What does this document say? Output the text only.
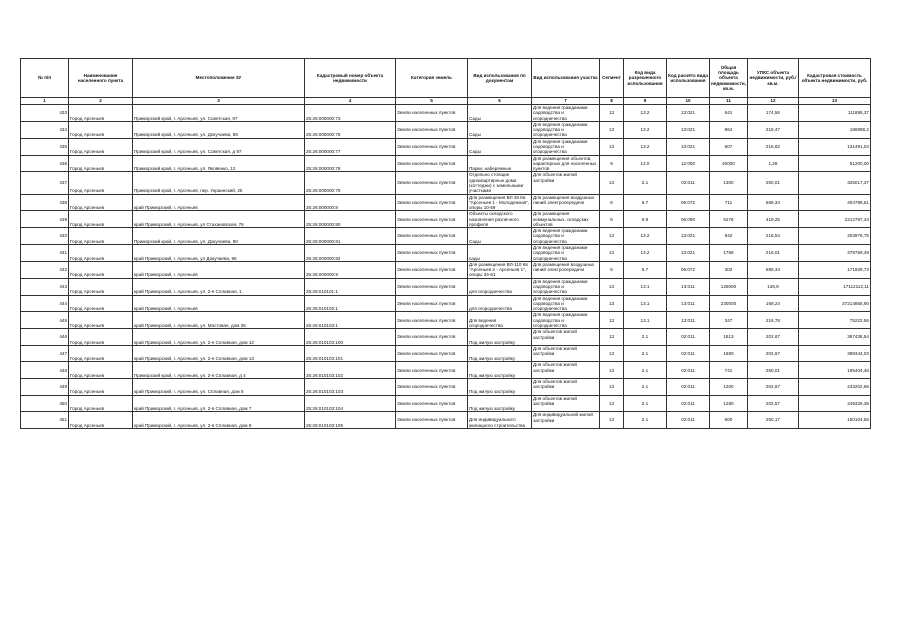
№ п/п	Наименование населенного пункта	Местоположение ЗУ	Кадастровый номер объекта недвижимости	Категория земель	Вид использования по документам	Вид использования участка	Сегмент	Код вида разрешенного использования	Код расчёта вида использования	Общая площадь объекта недвижимости, кв.м.	УПКС объекта недвижимости, руб./кв.м.	Кадастровая стоимость объекта недвижимости, руб.
1	2	3	4	5	6	7	8	9	10	11	12	13
433	Город Арсеньев	Приморский край, г. Арсеньев, ул. Советская, 97	25:26:000000:73	Земли населенных пунктов	Сады	Для ведения гражданами садоводства и огородничества	13	13.2	13:021	641	174,56	111895,37
434	Город Арсеньев	Приморский край, г. Арсеньев, ул. Докучаева, 86	25:26:000000:76	Земли населенных пунктов	Сады	Для ведения гражданами садоводства и огородничества	13	13.2	13:021	864	216,47	186988,2
435	Город Арсеньев	Приморский край, г. Арсеньев, ул. Советская, д 97	25:26:000000:77	Земли населенных пунктов	Сады	Для ведения гражданами садоводства и огородничества	13	13.2	13:021	607	216,62	131491,04
436	Город Арсеньев	Приморский край, г. Арсеньев, ул. Яковенко, 12	25:26:000000:78	Земли населенных пунктов	Парки, набережные	Для размещения объектов, характерных для населенных пунктов	9	12.0	12:000	40000	1,28	51200,00
437	Город Арсеньев	Приморский край, г. Арсеньев, пер. Украинский, 25	25:26:000000:79	Земли населенных пунктов	Отдельно стоящие одноквартирные дома (коттеджи) с земельными участками	Для объектов жилой застройки	13	2.1	02:011	1300	250,01	325017,37
438	Город Арсеньев	край Приморский, г. Арсеньев	25:26:000000:8	Земли населенных пунктов	Для размещения ВЛ 35 Кв "Арсеньев 1 - Молодежная", опоры 10-59	Для размещения воздушных линий электропередачи	6	6.7	06:072	711	569,34	404798,51
439	Город Арсеньев	край Приморский, г. Арсеньев, ул Стахановская, 76	25:26:000000:80	Земли населенных пунктов	Объекты складского назначения различного профиля	Для размещения коммунальных, складских объектов	6	6.9	06:090	5276	419,25	2212797,43
440	Город Арсеньев	Приморский край, г. Арсеньев, ул. Докучаева, 90	25:26:000000:81	Земли населенных пунктов	Сады	Для ведения гражданами садоводства и огородничества	13	13.2	13:021	942	216,54	203976,75
441	Город Арсеньев	край Приморский, г. Арсеньев, ул Докучаева, 96	25:26:000000:82	Земли населенных пунктов	сады	Для ведения гражданами садоводства и огородничества	13	13.2	13:021	1758	216,01	379759,49
442	Город Арсеньев	край Приморский, г. Арсеньев	25:26:000000:9	Земли населенных пунктов	Для размещения ВЛ-110 Кв "Арсеньев 2 - Арсеньев 1", опоры 34-61	Для размещения воздушных линий электропередачи	6	6.7	06:072	302	599,34	171939,73
443	Город Арсеньев	край Приморский, г. Арсеньев, ул. 2-я Сплавная, 1	25:26:010101:1	Земли населенных пунктов	для огородничества	Для ведения гражданами садоводства и огородничества	13	13.1	13:011	125000	136,9	17112112,11
444	Город Арсеньев	край Приморский, г. Арсеньев	25:26:010102:1	Земли населенных пунктов	для огородничества	Для ведения гражданами садоводства и огородничества	13	13.1	13:011	230000	169,24	37214865,90
445	Город Арсеньев	край Приморский, г. Арсеньев, ул. Мостовая, дом 36	25:26:010103:1	Земли населенных пунктов	Для ведения огородничества	Для ведения гражданами садоводства и огородничества	13	13.1	13:011	347	216,78	75222,56
446	Город Арсеньев	край Приморский, г. Арсеньев, ул. 2-я Сплавная, дом 12	25:26:010103:100	Земли населенных пунктов	Под жилую застройку	Для объектов жилой застройки	13	2.1	02:011	1813	202,67	367438,54
447	Город Арсеньев	край Приморский, г. Арсеньев, ул. 2-я Сплавная, дом 13	25:26:010103:101	Земли населенных пунктов	Под жилую застройку	Для объектов жилой застройки	13	2.1	02:011	1690	202,67	399344,03
448	Город Арсеньев	Приморский край, г. Арсеньев, ул. 2-я Сплавная, д 4	25:26:010103:102	Земли населенных пунктов	Под жилую застройку	Для объектов жилой застройки	13	2.1	02:011	741	250,01	185404,46
449	Город Арсеньев	край Приморский, г. Арсеньев, ул. Сплавная, дом 5	25:26:010103:103	Земли населенных пунктов	Под жилую застройку	Для объектов жилой застройки	13	2.1	02:011	1200	202,67	243202,66
450	Город Арсеньев	край Приморский, г. Арсеньев, ул. 2-я Сплавная, дом 7	25:26:010103:104	Земли населенных пунктов	Под жилую застройку	Для объектов жилой застройки	13	2.1	02:011	1280	202,57	249326,38
451	Город Арсеньев	край Приморский, г. Арсеньев, ул. 2-я Сплавная, дом 9	25:26:010103:105	Земли населенных пунктов	Для индивидуального жилищного строительства	Для индивидуальной жилой застройки	13	2.1	02:011	600	250,17	150104,56
